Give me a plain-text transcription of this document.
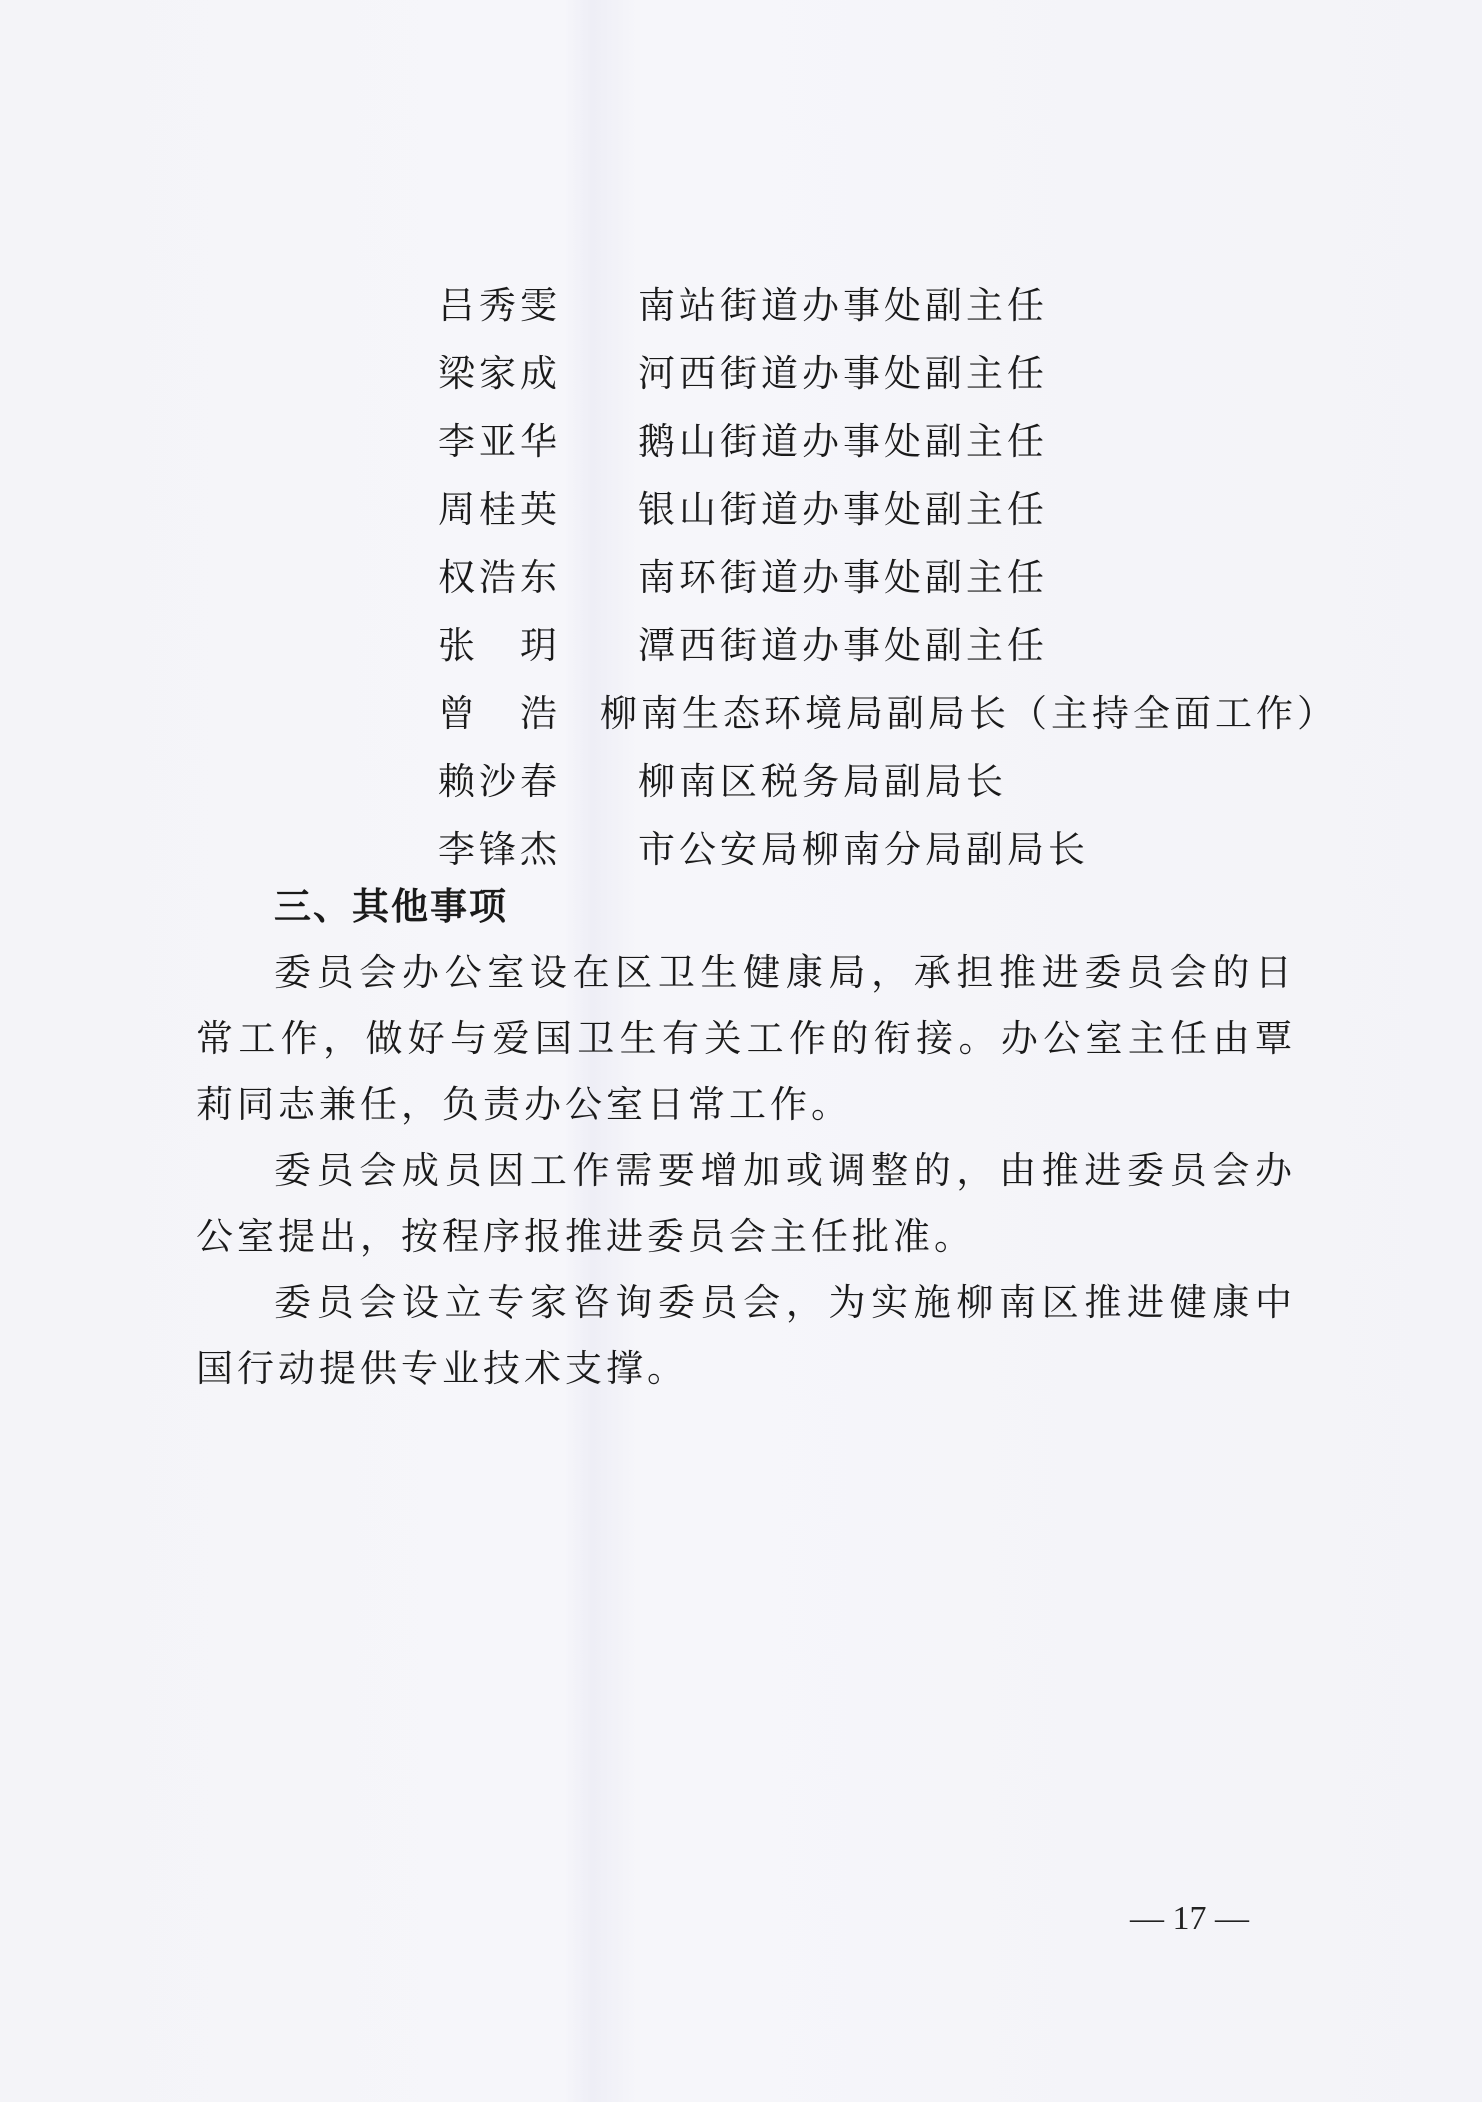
吕秀雯	南站街道办事处副主任
梁家成	河西街道办事处副主任
李亚华	鹅山街道办事处副主任
周桂英	银山街道办事处副主任
权浩东	南环街道办事处副主任
张　玥	潭西街道办事处副主任
曾　浩	柳南生态环境局副局长（主持全面工作）
赖沙春	柳南区税务局副局长
李锋杰	市公安局柳南分局副局长
三、其他事项

委员会办公室设在区卫生健康局，承担推进委员会的日常工作，做好与爱国卫生有关工作的衔接。办公室主任由覃莉同志兼任，负责办公室日常工作。

委员会成员因工作需要增加或调整的，由推进委员会办公室提出，按程序报推进委员会主任批准。

委员会设立专家咨询委员会，为实施柳南区推进健康中国行动提供专业技术支撑。

— 17 —
